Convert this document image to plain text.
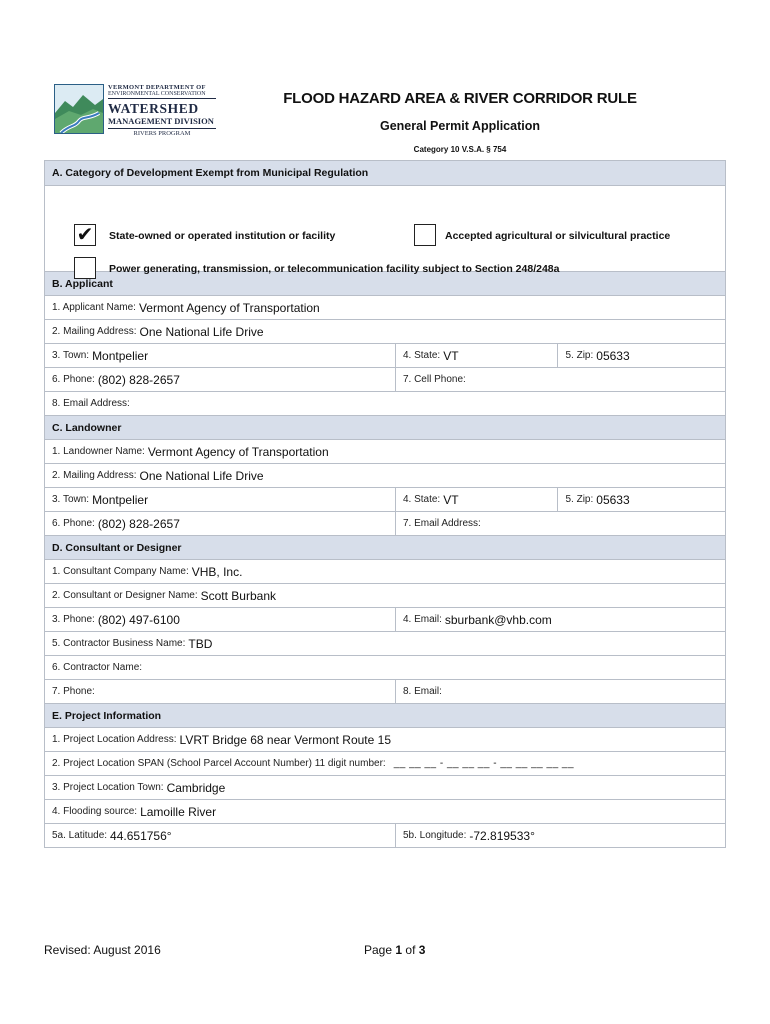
VERMONT DEPARTMENT OF
ENVIRONMENTAL CONSERVATION
WATERSHED
MANAGEMENT DIVISION
RIVERS PROGRAM
FLOOD HAZARD AREA & RIVER CORRIDOR RULE
General Permit Application
Category 10 V.S.A. § 754
A. Category of Development Exempt from Municipal Regulation
✔ State-owned or operated institution or facility	Accepted agricultural or silvicultural practice
Power generating, transmission, or telecommunication facility subject to Section 248/248a
B. Applicant
1. Applicant Name: Vermont Agency of Transportation
2. Mailing Address: One National Life Drive
3. Town: Montpelier	4. State: VT	5. Zip: 05633
6. Phone: (802) 828-2657	7. Cell Phone:
8. Email Address:
C. Landowner
1. Landowner Name: Vermont Agency of Transportation
2. Mailing Address: One National Life Drive
3. Town: Montpelier	4. State: VT	5. Zip: 05633
6. Phone: (802) 828-2657	7. Email Address:
D. Consultant or Designer
1. Consultant Company Name: VHB, Inc.
2. Consultant or Designer Name: Scott Burbank
3. Phone: (802) 497-6100	4. Email: sburbank@vhb.com
5. Contractor Business Name: TBD
6. Contractor Name:
7. Phone:	8. Email:
E. Project Information
1. Project Location Address: LVRT Bridge 68 near Vermont Route 15
2. Project Location SPAN (School Parcel Account Number) 11 digit number: __ __ __ - __ __ __ - __ __ __ __ __
3. Project Location Town: Cambridge
4. Flooding source: Lamoille River
5a. Latitude: 44.651756°	5b. Longitude: -72.819533°
Revised: August 2016	Page 1 of 3
